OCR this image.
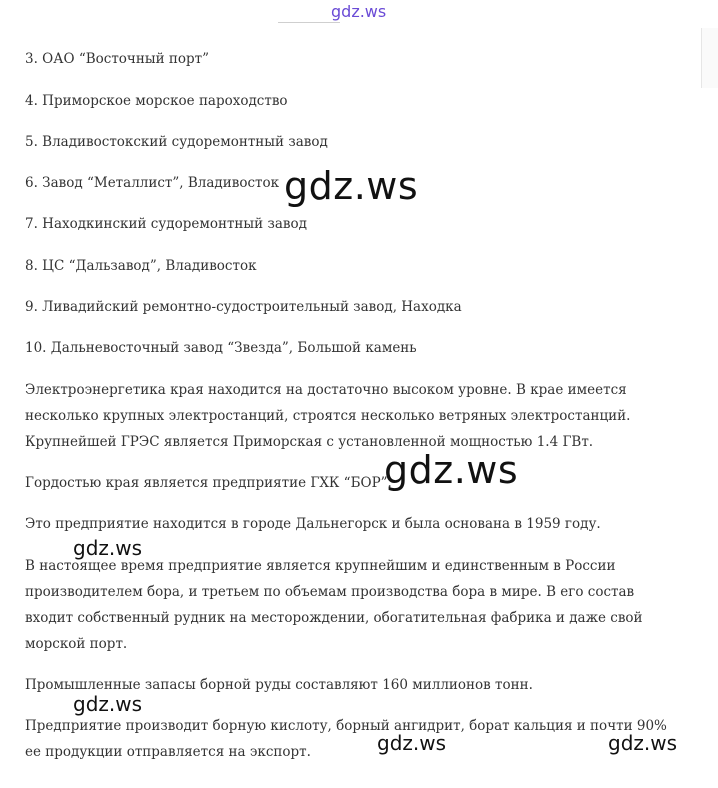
3. ОАО “Восточный порт”

4. Приморское морское пароходство

5. Владивостокский судоремонтный завод

6. Завод “Металлист”, Владивосток

7. Находкинский судоремонтный завод

8. ЦС “Дальзавод”, Владивосток

9. Ливадийский ремонтно-судостроительный завод, Находка

10. Дальневосточный завод “Звезда”, Большой камень

Электроэнергетика края находится на достаточно высоком уровне. В крае имеется

несколько крупных электростанций, строятся несколько ветряных электростанций.

Крупнейшей ГРЭС является Приморская с установленной мощностью 1.4 ГВт.

Гордостью края является предприятие ГХК “БОР”.

Это предприятие находится в городе Дальнегорск и была основана в 1959 году.

В настоящее время предприятие является крупнейшим и единственным в России

производителем бора, и третьем по объемам производства бора в мире. В его состав

входит собственный рудник на месторождении, обогатительная фабрика и даже свой

морской порт.

Промышленные запасы борной руды составляют 160 миллионов тонн.

Предприятие производит борную кислоту, борный ангидрит, борат кальция и почти 90%

ее продукции отправляется на экспорт.

gdz.ws
gdz.ws
gdz.ws
gdz.ws
gdz.ws
gdz.ws	gdz.ws
